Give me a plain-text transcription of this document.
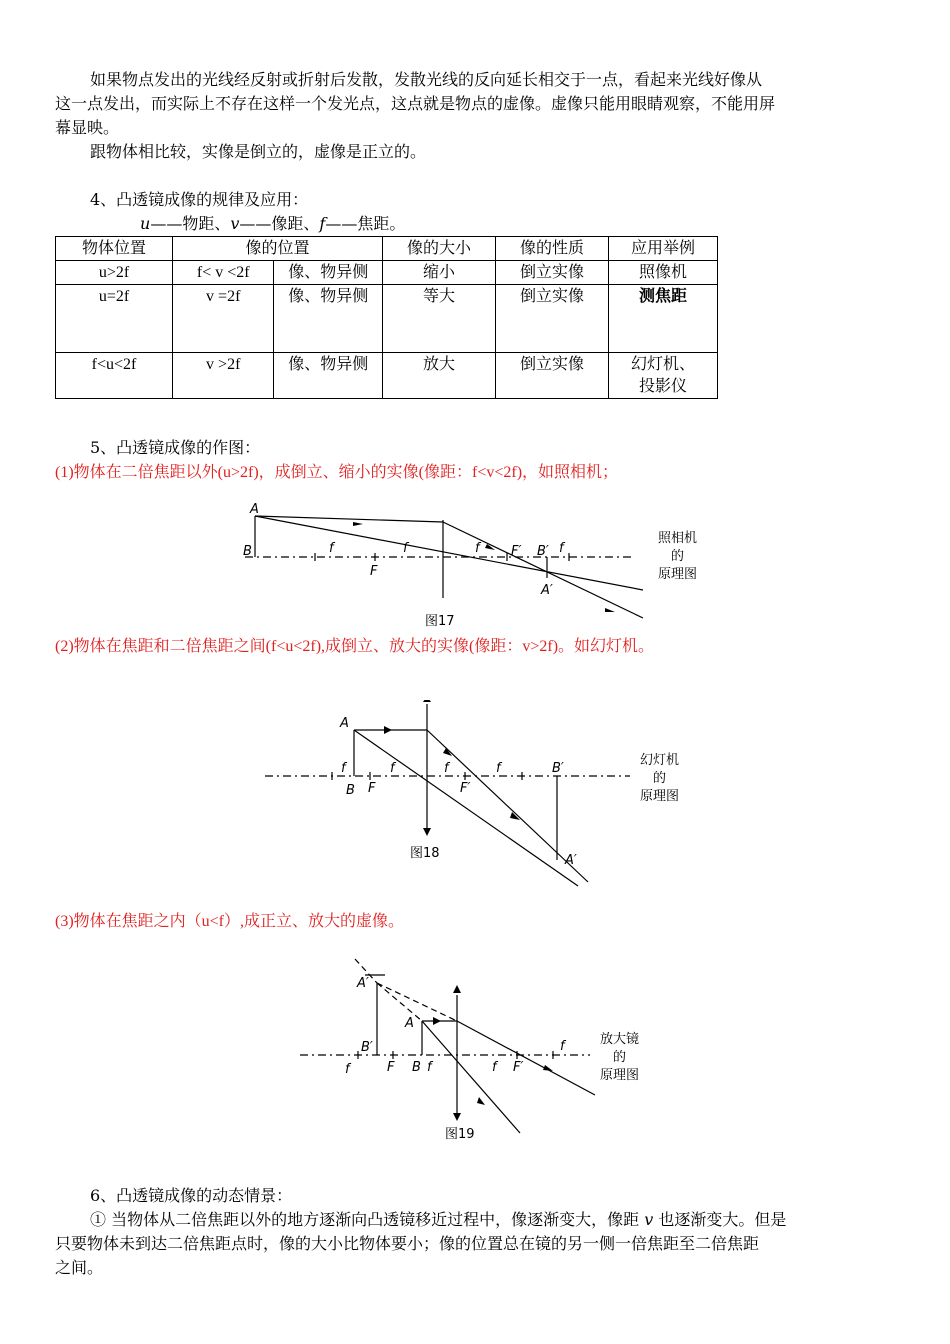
如果物点发出的光线经反射或折射后发散，发散光线的反向延长相交于一点，看起来光线好像从
这一点发出，而实际上不存在这样一个发光点，这点就是物点的虚像。虚像只能用眼睛观察，不能用屏
幕显映。
跟物体相比较，实像是倒立的，虚像是正立的。
4、凸透镜成像的规律及应用：
u——物距、v——像距、f——焦距。
物体位置	像的位置		像的大小	像的性质	应用举例
u>2f	f< v <2f	像、物异侧	缩小	倒立实像	照像机
u=2f	v =2f	像、物异侧	等大	倒立实像	测焦距
f<u<2f	v >2f	像、物异侧	放大	倒立实像	幻灯机、
投影仪
5、凸透镜成像的作图：
(1)物体在二倍焦距以外(u>2f)，成倒立、缩小的实像(像距：f<v<2f)，如照相机；
A
B	f
F
f	f F′ B′ f
A′
图17
照相机
的
原理图
(2)物体在焦距和二倍焦距之间(f<u<2f),成倒立、放大的实像(像距：v>2f)。如幻灯机。
A
B
f
F
f	f
F′
f	B′
A′
图18
幻灯机
的
原理图
(3)物体在焦距之内（u<f）,成正立、放大的虚像。
A′
A
B′
f	F B f	f F′
f
图19
放大镜
的
原理图
6、凸透镜成像的动态情景：
① 当物体从二倍焦距以外的地方逐渐向凸透镜移近过程中，像逐渐变大，像距 v 也逐渐变大。但是
只要物体未到达二倍焦距点时，像的大小比物体要小；像的位置总在镜的另一侧一倍焦距至二倍焦距
之间。
